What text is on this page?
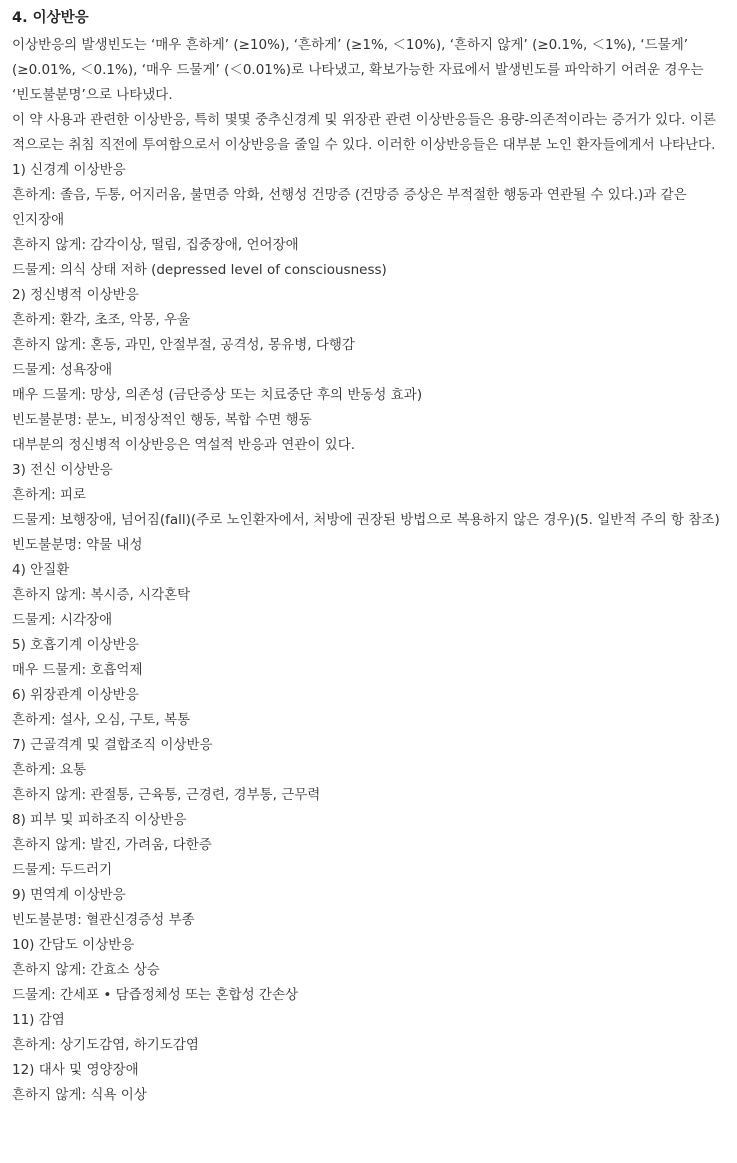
4. 이상반응

이상반응의 발생빈도는 ‘매우 흔하게’ (≥10%), ‘흔하게’ (≥1%, ＜10%), ‘흔하지 않게’ (≥0.1%, ＜1%), ‘드물게’ (≥0.01%, ＜0.1%), ‘매우 드물게’ (＜0.01%)로 나타냈고, 확보가능한 자료에서 발생빈도를 파악하기 어려운 경우는 ‘빈도불분명’으로 나타냈다.

이 약 사용과 관련한 이상반응, 특히 몇몇 중추신경계 및 위장관 관련 이상반응들은 용량-의존적이라는 증거가 있다. 이론적으로는 취침 직전에 투여함으로서 이상반응을 줄일 수 있다. 이러한 이상반응들은 대부분 노인 환자들에게서 나타난다.

1) 신경계 이상반응

흔하게: 졸음, 두통, 어지러움, 불면증 악화, 선행성 건망증 (건망증 증상은 부적절한 행동과 연관될 수 있다.)과 같은 인지장애

흔하지 않게: 감각이상, 떨림, 집중장애, 언어장애

드물게: 의식 상태 저하 (depressed level of consciousness)

2) 정신병적 이상반응

흔하게: 환각, 초조, 악몽, 우울

흔하지 않게: 혼동, 과민, 안절부절, 공격성, 몽유병, 다행감

드물게: 성욕장애

매우 드물게: 망상, 의존성 (금단증상 또는 치료중단 후의 반동성 효과)

빈도불분명: 분노, 비정상적인 행동, 복합 수면 행동

대부분의 정신병적 이상반응은 역설적 반응과 연관이 있다.

3) 전신 이상반응

흔하게: 피로

드물게: 보행장애, 넘어짐(fall)(주로 노인환자에서, 처방에 권장된 방법으로 복용하지 않은 경우)(5. 일반적 주의 항 참조)

빈도불분명: 약물 내성

4) 안질환

흔하지 않게: 복시증, 시각혼탁

드물게: 시각장애

5) 호흡기계 이상반응

매우 드물게: 호흡억제

6) 위장관계 이상반응

흔하게: 설사, 오심, 구토, 복통

7) 근골격계 및 결합조직 이상반응

흔하게: 요통

흔하지 않게: 관절통, 근육통, 근경련, 경부통, 근무력

8) 피부 및 피하조직 이상반응

흔하지 않게: 발진, 가려움, 다한증

드물게: 두드러기

9) 면역계 이상반응

빈도불분명: 혈관신경증성 부종

10) 간담도 이상반응

흔하지 않게: 간효소 상승

드물게: 간세포 • 담즙정체성 또는 혼합성 간손상

11) 감염

흔하게: 상기도감염, 하기도감염

12) 대사 및 영양장애

흔하지 않게: 식욕 이상
